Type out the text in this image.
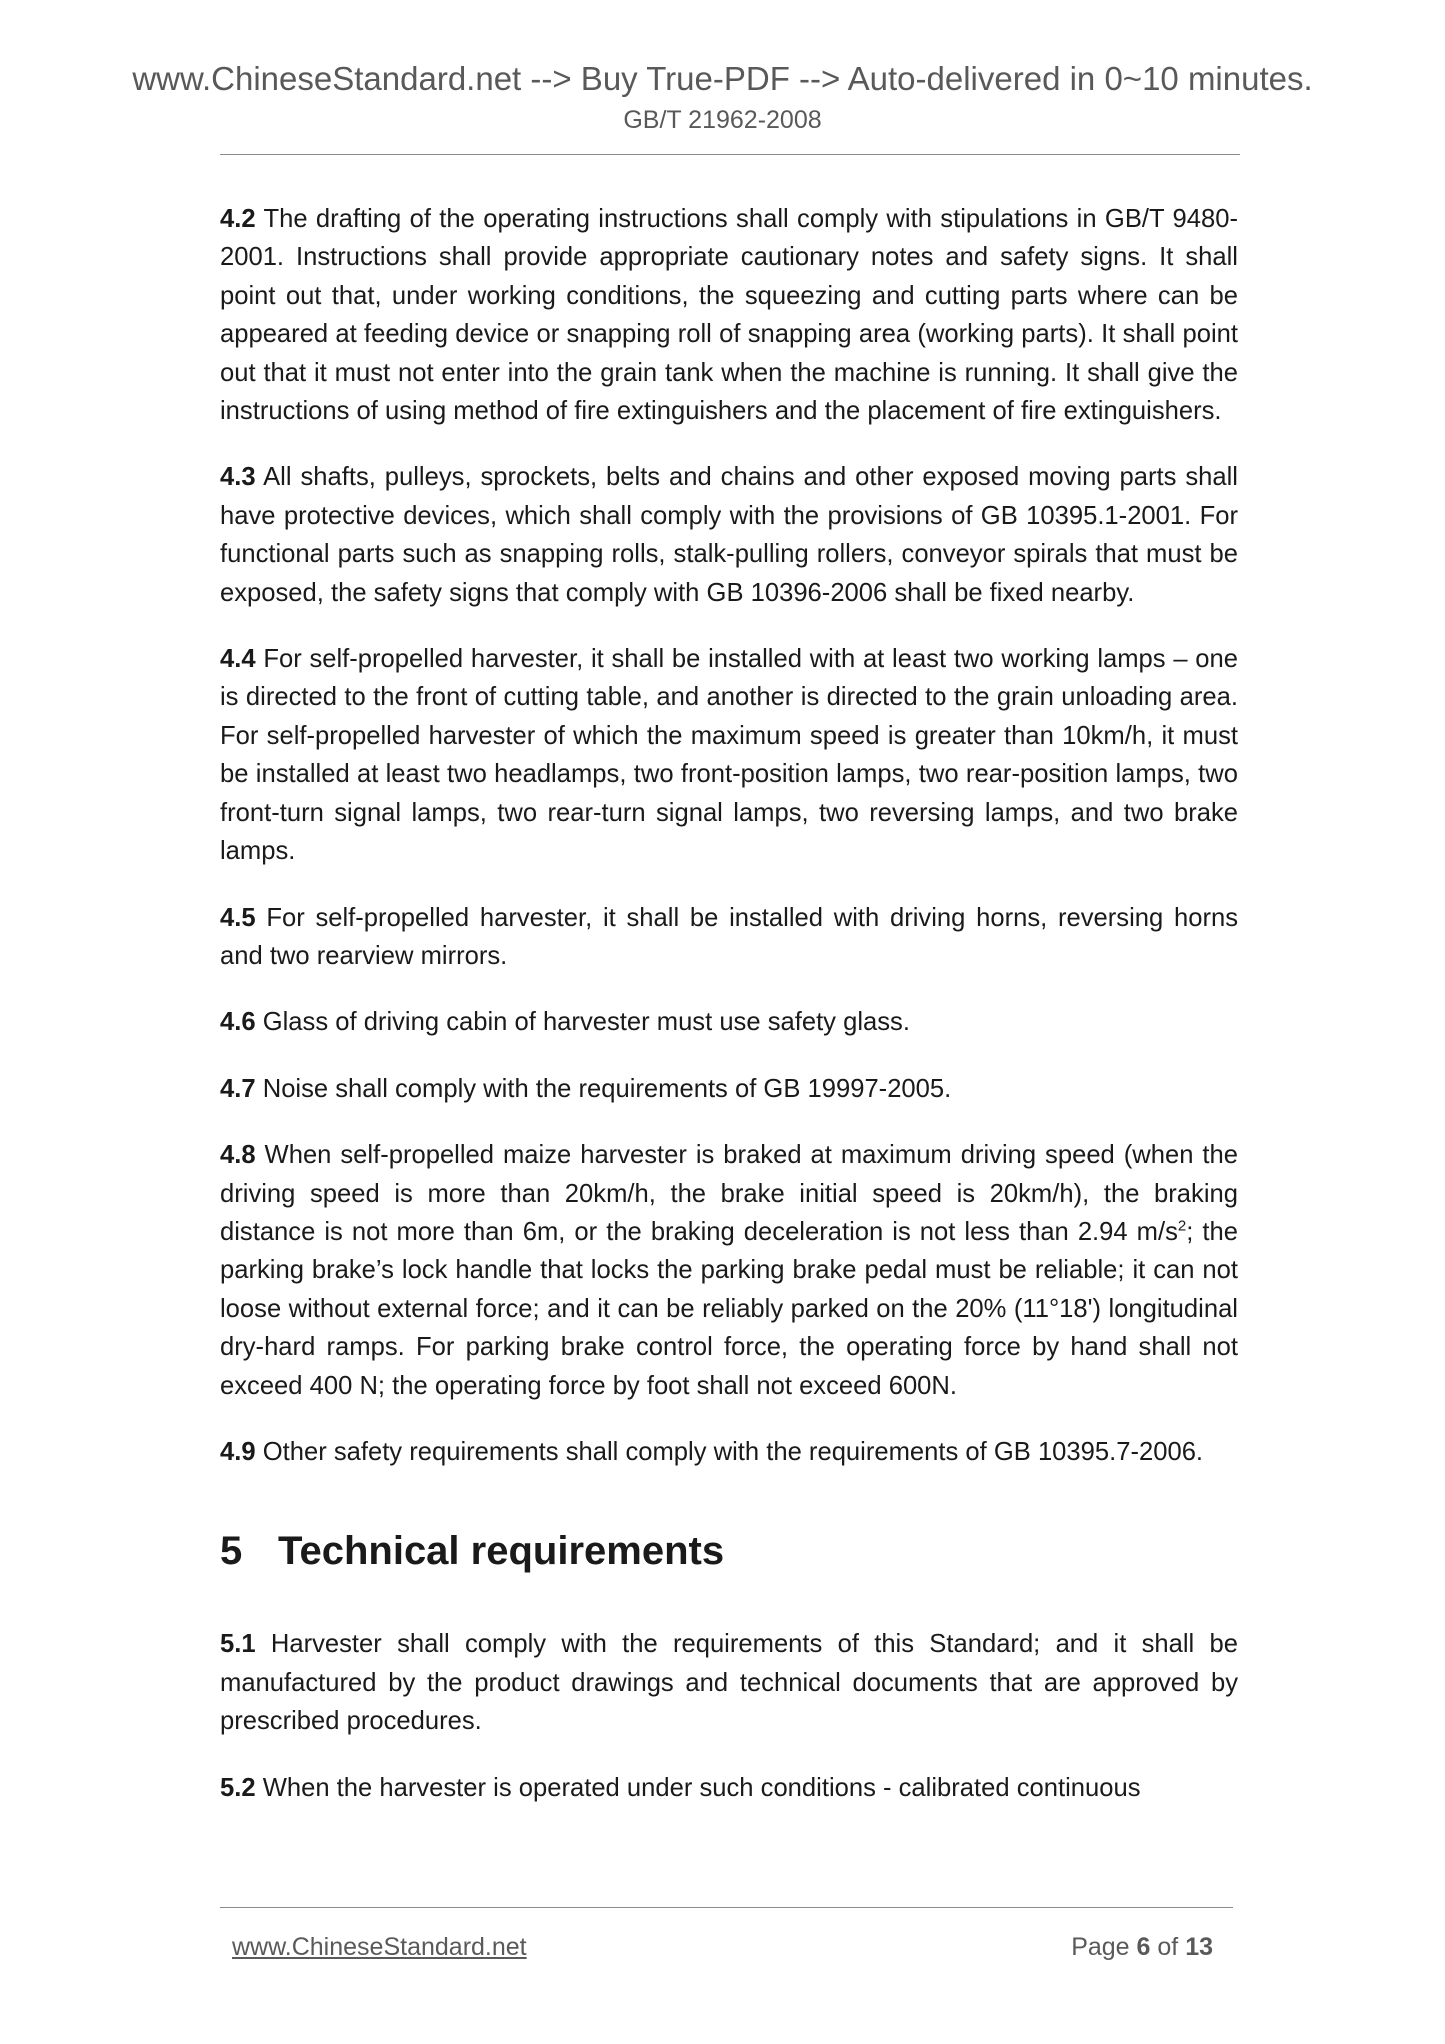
www.ChineseStandard.net --> Buy True-PDF --> Auto-delivered in 0~10 minutes.
GB/T 21962-2008

4.2 The drafting of the operating instructions shall comply with stipulations in GB/T 9480-2001. Instructions shall provide appropriate cautionary notes and safety signs. It shall point out that, under working conditions, the squeezing and cutting parts where can be appeared at feeding device or snapping roll of snapping area (working parts). It shall point out that it must not enter into the grain tank when the machine is running. It shall give the instructions of using method of fire extinguishers and the placement of fire extinguishers.

4.3 All shafts, pulleys, sprockets, belts and chains and other exposed moving parts shall have protective devices, which shall comply with the provisions of GB 10395.1-2001. For functional parts such as snapping rolls, stalk-pulling rollers, conveyor spirals that must be exposed, the safety signs that comply with GB 10396-2006 shall be fixed nearby.

4.4 For self-propelled harvester, it shall be installed with at least two working lamps – one is directed to the front of cutting table, and another is directed to the grain unloading area. For self-propelled harvester of which the maximum speed is greater than 10km/h, it must be installed at least two headlamps, two front-position lamps, two rear-position lamps, two front-turn signal lamps, two rear-turn signal lamps, two reversing lamps, and two brake lamps.

4.5 For self-propelled harvester, it shall be installed with driving horns, reversing horns and two rearview mirrors.

4.6 Glass of driving cabin of harvester must use safety glass.

4.7 Noise shall comply with the requirements of GB 19997-2005.

4.8 When self-propelled maize harvester is braked at maximum driving speed (when the driving speed is more than 20km/h, the brake initial speed is 20km/h), the braking distance is not more than 6m, or the braking deceleration is not less than 2.94 $m/s^2$; the parking brake’s lock handle that locks the parking brake pedal must be reliable; it can not loose without external force; and it can be reliably parked on the 20% (11°18') longitudinal dry-hard ramps. For parking brake control force, the operating force by hand shall not exceed 400 N; the operating force by foot shall not exceed 600N.

4.9 Other safety requirements shall comply with the requirements of GB 10395.7-2006.

5 Technical requirements

5.1 Harvester shall comply with the requirements of this Standard; and it shall be manufactured by the product drawings and technical documents that are approved by prescribed procedures.

5.2 When the harvester is operated under such conditions - calibrated continuous

www.ChineseStandard.net	Page 6 of 13
